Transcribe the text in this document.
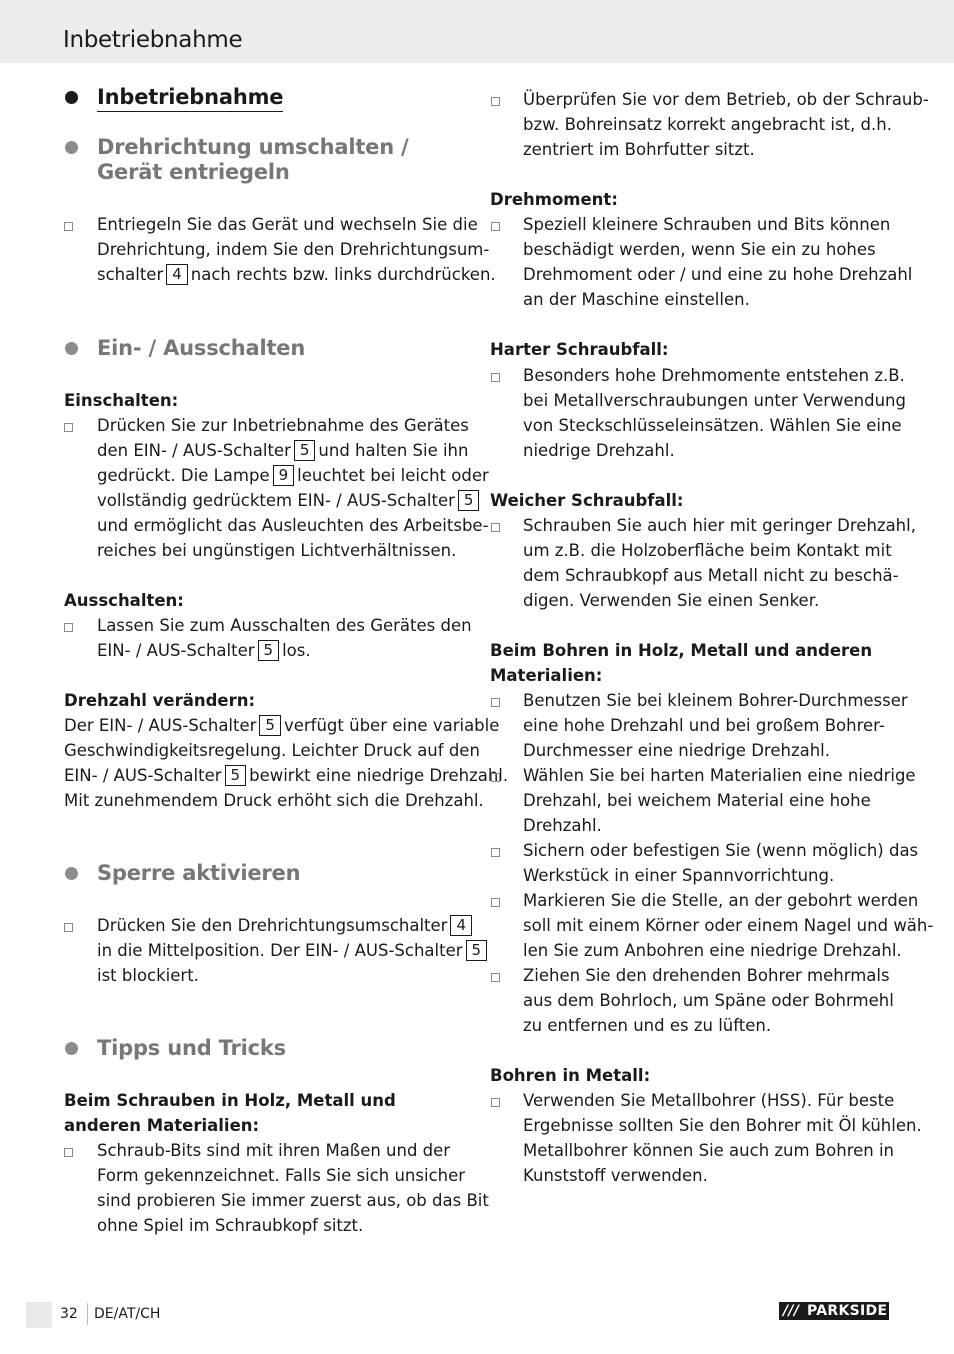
Inbetriebnahme
Inbetriebnahme
Drehrichtung umschalten /
Gerät entriegeln
Entriegeln Sie das Gerät und wechseln Sie die
Drehrichtung, indem Sie den Drehrichtungsum-
schalter 4 nach rechts bzw. links durchdrücken.
Ein- / Ausschalten
Einschalten:
Drücken Sie zur Inbetriebnahme des Gerätes
den EIN- / AUS-Schalter 5 und halten Sie ihn
gedrückt. Die Lampe 9 leuchtet bei leicht oder
vollständig gedrücktem EIN- / AUS-Schalter 5
und ermöglicht das Ausleuchten des Arbeitsbe-
reiches bei ungünstigen Lichtverhältnissen.
Ausschalten:
Lassen Sie zum Ausschalten des Gerätes den
EIN- / AUS-Schalter 5 los.
Drehzahl verändern:
Der EIN- / AUS-Schalter 5 verfügt über eine variable
Geschwindigkeitsregelung. Leichter Druck auf den
EIN- / AUS-Schalter 5 bewirkt eine niedrige Drehzahl.
Mit zunehmendem Druck erhöht sich die Drehzahl.
Sperre aktivieren
Drücken Sie den Drehrichtungsumschalter 4
in die Mittelposition. Der EIN- / AUS-Schalter 5
ist blockiert.
Tipps und Tricks
Beim Schrauben in Holz, Metall und
anderen Materialien:
Schraub-Bits sind mit ihren Maßen und der
Form gekennzeichnet. Falls Sie sich unsicher
sind probieren Sie immer zuerst aus, ob das Bit
ohne Spiel im Schraubkopf sitzt.
Überprüfen Sie vor dem Betrieb, ob der Schraub-
bzw. Bohreinsatz korrekt angebracht ist, d.h.
zentriert im Bohrfutter sitzt.
Drehmoment:
Speziell kleinere Schrauben und Bits können
beschädigt werden, wenn Sie ein zu hohes
Drehmoment oder / und eine zu hohe Drehzahl
an der Maschine einstellen.
Harter Schraubfall:
Besonders hohe Drehmomente entstehen z.B.
bei Metallverschraubungen unter Verwendung
von Steckschlüsseleinsätzen. Wählen Sie eine
niedrige Drehzahl.
Weicher Schraubfall:
Schrauben Sie auch hier mit geringer Drehzahl,
um z.B. die Holzoberfläche beim Kontakt mit
dem Schraubkopf aus Metall nicht zu beschä-
digen. Verwenden Sie einen Senker.
Beim Bohren in Holz, Metall und anderen
Materialien:
Benutzen Sie bei kleinem Bohrer-Durchmesser
eine hohe Drehzahl und bei großem Bohrer-
Durchmesser eine niedrige Drehzahl.
Wählen Sie bei harten Materialien eine niedrige
Drehzahl, bei weichem Material eine hohe
Drehzahl.
Sichern oder befestigen Sie (wenn möglich) das
Werkstück in einer Spannvorrichtung.
Markieren Sie die Stelle, an der gebohrt werden
soll mit einem Körner oder einem Nagel und wäh-
len Sie zum Anbohren eine niedrige Drehzahl.
Ziehen Sie den drehenden Bohrer mehrmals
aus dem Bohrloch, um Späne oder Bohrmehl
zu entfernen und es zu lüften.
Bohren in Metall:
Verwenden Sie Metallbohrer (HSS). Für beste
Ergebnisse sollten Sie den Bohrer mit Öl kühlen.
Metallbohrer können Sie auch zum Bohren in
Kunststoff verwenden.
32 DE/AT/CH	/// PARKSIDE
